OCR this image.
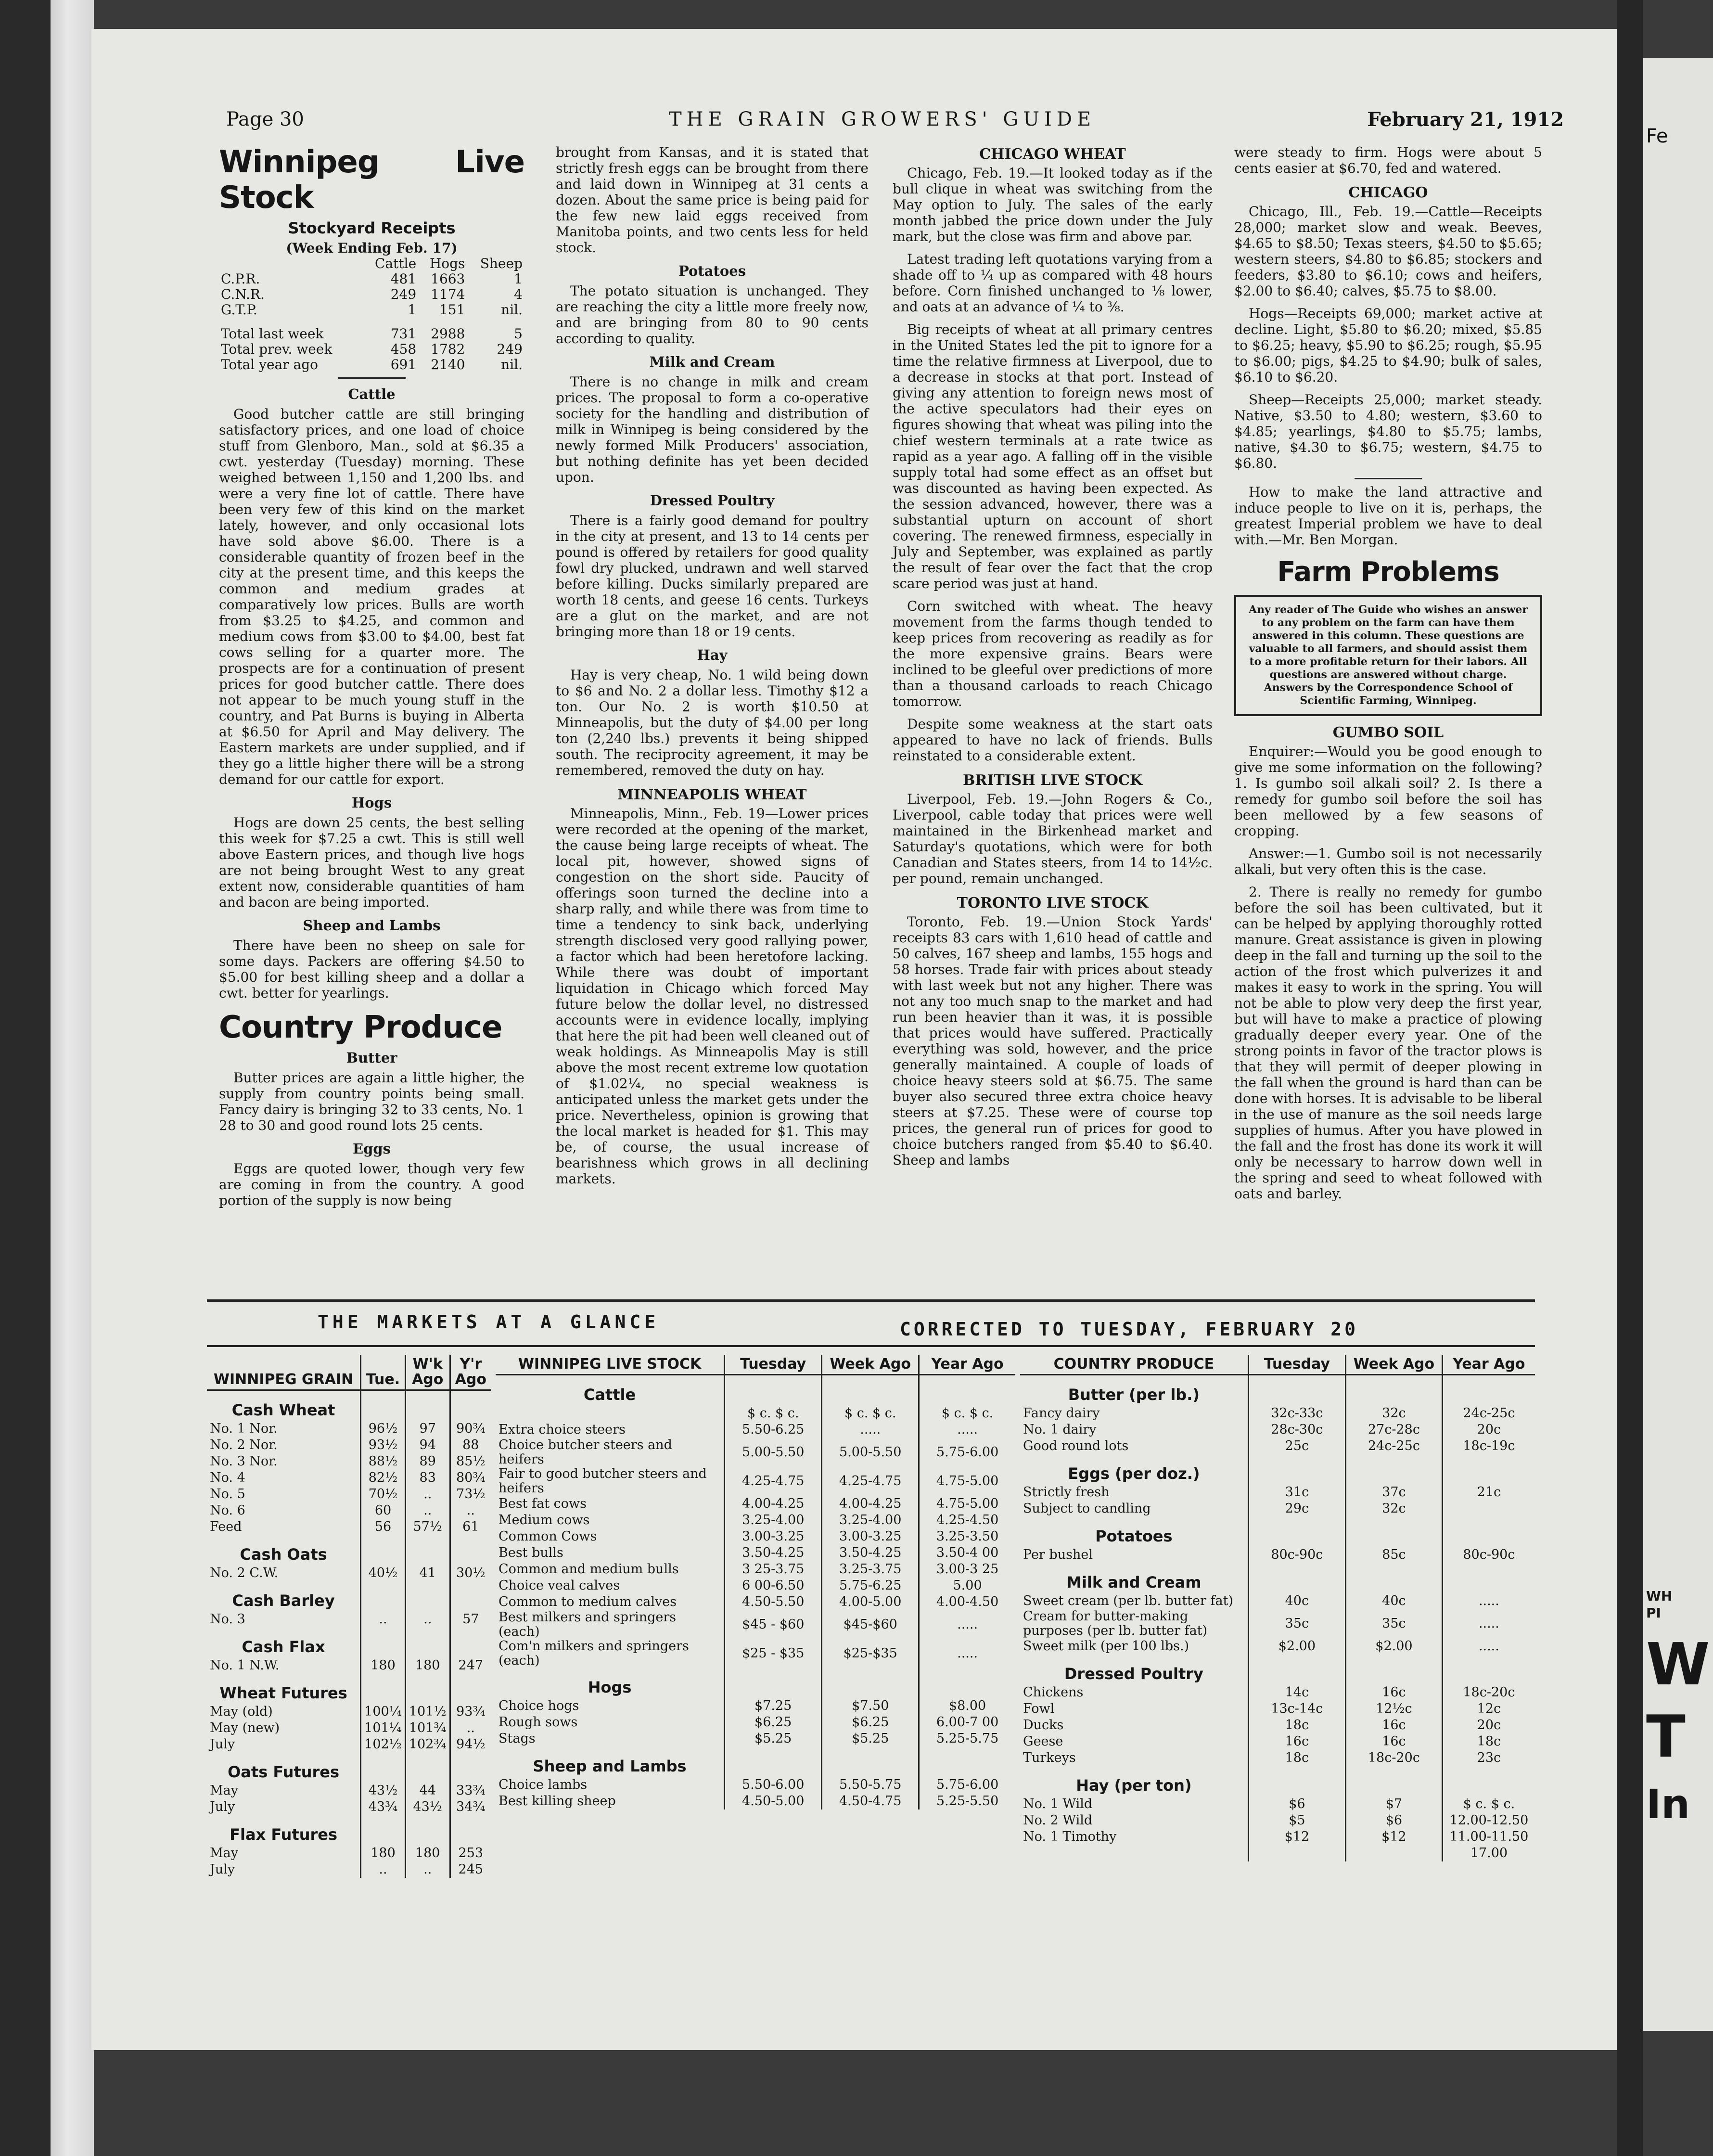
Page 30	THE GRAIN GROWERS' GUIDE	February 21, 1912
Winnipeg Live Stock
Stockyard Receipts
(Week Ending Feb. 17)
	Cattle	Hogs	Sheep
C.P.R.	481	1663	1
C.N.R.	249	1174	4
G.T.P.	1	151	nil.

Total last week	731	2988	5
Total prev. week	458	1782	249
Total year ago	691	2140	nil.
Cattle

Good butcher cattle are still bringing satisfactory prices, and one load of choice stuff from Glenboro, Man., sold at $6.35 a cwt. yesterday (Tuesday) morning. These weighed between 1,150 and 1,200 lbs. and were a very fine lot of cattle. There have been very few of this kind on the market lately, however, and only occasional lots have sold above $6.00. There is a considerable quantity of frozen beef in the city at the present time, and this keeps the common and medium grades at comparatively low prices. Bulls are worth from $3.25 to $4.25, and common and medium cows from $3.00 to $4.00, best fat cows selling for a quarter more. The prospects are for a continuation of present prices for good butcher cattle. There does not appear to be much young stuff in the country, and Pat Burns is buying in Alberta at $6.50 for April and May delivery. The Eastern markets are under supplied, and if they go a little higher there will be a strong demand for our cattle for export.

Hogs

Hogs are down 25 cents, the best selling this week for $7.25 a cwt. This is still well above Eastern prices, and though live hogs are not being brought West to any great extent now, considerable quantities of ham and bacon are being imported.

Sheep and Lambs

There have been no sheep on sale for some days. Packers are offering $4.50 to $5.00 for best killing sheep and a dollar a cwt. better for yearlings.

Country Produce
Butter

Butter prices are again a little higher, the supply from country points being small. Fancy dairy is bringing 32 to 33 cents, No. 1 28 to 30 and good round lots 25 cents.

Eggs

Eggs are quoted lower, though very few are coming in from the country. A good portion of the supply is now being

brought from Kansas, and it is stated that strictly fresh eggs can be brought from there and laid down in Winnipeg at 31 cents a dozen. About the same price is being paid for the few new laid eggs received from Manitoba points, and two cents less for held stock.

Potatoes

The potato situation is unchanged. They are reaching the city a little more freely now, and are bringing from 80 to 90 cents according to quality.

Milk and Cream

There is no change in milk and cream prices. The proposal to form a co-operative society for the handling and distribution of milk in Winnipeg is being considered by the newly formed Milk Producers' association, but nothing definite has yet been decided upon.

Dressed Poultry

There is a fairly good demand for poultry in the city at present, and 13 to 14 cents per pound is offered by retailers for good quality fowl dry plucked, undrawn and well starved before killing. Ducks similarly prepared are worth 18 cents, and geese 16 cents. Turkeys are a glut on the market, and are not bringing more than 18 or 19 cents.

Hay

Hay is very cheap, No. 1 wild being down to $6 and No. 2 a dollar less. Timothy $12 a ton. Our No. 2 is worth $10.50 at Minneapolis, but the duty of $4.00 per long ton (2,240 lbs.) prevents it being shipped south. The reciprocity agreement, it may be remembered, removed the duty on hay.

MINNEAPOLIS WHEAT

Minneapolis, Minn., Feb. 19—Lower prices were recorded at the opening of the market, the cause being large receipts of wheat. The local pit, however, showed signs of congestion on the short side. Paucity of offerings soon turned the decline into a sharp rally, and while there was from time to time a tendency to sink back, underlying strength disclosed very good rallying power, a factor which had been heretofore lacking. While there was doubt of important liquidation in Chicago which forced May future below the dollar level, no distressed accounts were in evidence locally, implying that here the pit had been well cleaned out of weak holdings. As Minneapolis May is still above the most recent extreme low quotation of $1.02¼, no special weakness is anticipated unless the market gets under the price. Nevertheless, opinion is growing that the local market is headed for $1. This may be, of course, the usual increase of bearishness which grows in all declining markets.

CHICAGO WHEAT

Chicago, Feb. 19.—It looked today as if the bull clique in wheat was switching from the May option to July. The sales of the early month jabbed the price down under the July mark, but the close was firm and above par.

Latest trading left quotations varying from a shade off to ¼ up as compared with 48 hours before. Corn finished unchanged to ⅛ lower, and oats at an advance of ¼ to ⅜.

Big receipts of wheat at all primary centres in the United States led the pit to ignore for a time the relative firmness at Liverpool, due to a decrease in stocks at that port. Instead of giving any attention to foreign news most of the active speculators had their eyes on figures showing that wheat was piling into the chief western terminals at a rate twice as rapid as a year ago. A falling off in the visible supply total had some effect as an offset but was discounted as having been expected. As the session advanced, however, there was a substantial upturn on account of short covering. The renewed firmness, especially in July and September, was explained as partly the result of fear over the fact that the crop scare period was just at hand.

Corn switched with wheat. The heavy movement from the farms though tended to keep prices from recovering as readily as for the more expensive grains. Bears were inclined to be gleeful over predictions of more than a thousand carloads to reach Chicago tomorrow.

Despite some weakness at the start oats appeared to have no lack of friends. Bulls reinstated to a considerable extent.

BRITISH LIVE STOCK

Liverpool, Feb. 19.—John Rogers & Co., Liverpool, cable today that prices were well maintained in the Birkenhead market and Saturday's quotations, which were for both Canadian and States steers, from 14 to 14½c. per pound, remain unchanged.

TORONTO LIVE STOCK

Toronto, Feb. 19.—Union Stock Yards' receipts 83 cars with 1,610 head of cattle and 50 calves, 167 sheep and lambs, 155 hogs and 58 horses. Trade fair with prices about steady with last week but not any higher. There was not any too much snap to the market and had run been heavier than it was, it is possible that prices would have suffered. Practically everything was sold, however, and the price generally maintained. A couple of loads of choice heavy steers sold at $6.75. The same buyer also secured three extra choice heavy steers at $7.25. These were of course top prices, the general run of prices for good to choice butchers ranged from $5.40 to $6.40. Sheep and lambs

were steady to firm. Hogs were about 5 cents easier at $6.70, fed and watered.

CHICAGO

Chicago, Ill., Feb. 19.—Cattle—Receipts 28,000; market slow and weak. Beeves, $4.65 to $8.50; Texas steers, $4.50 to $5.65; western steers, $4.80 to $6.85; stockers and feeders, $3.80 to $6.10; cows and heifers, $2.00 to $6.40; calves, $5.75 to $8.00.

Hogs—Receipts 69,000; market active at decline. Light, $5.80 to $6.20; mixed, $5.85 to $6.25; heavy, $5.90 to $6.25; rough, $5.95 to $6.00; pigs, $4.25 to $4.90; bulk of sales, $6.10 to $6.20.

Sheep—Receipts 25,000; market steady. Native, $3.50 to 4.80; western, $3.60 to $4.85; yearlings, $4.80 to $5.75; lambs, native, $4.30 to $6.75; western, $4.75 to $6.80.

How to make the land attractive and induce people to live on it is, perhaps, the greatest Imperial problem we have to deal with.—Mr. Ben Morgan.

Farm Problems
Any reader of The Guide who wishes an answer to any problem on the farm can have them answered in this column. These questions are valuable to all farmers, and should assist them to a more profitable return for their labors. All questions are answered without charge. Answers by the Correspondence School of Scientific Farming, Winnipeg.
GUMBO SOIL

Enquirer:—Would you be good enough to give me some information on the following? 1. Is gumbo soil alkali soil? 2. Is there a remedy for gumbo soil before the soil has been mellowed by a few seasons of cropping.

Answer:—1. Gumbo soil is not necessarily alkali, but very often this is the case.

2. There is really no remedy for gumbo before the soil has been cultivated, but it can be helped by applying thoroughly rotted manure. Great assistance is given in plowing deep in the fall and turning up the soil to the action of the frost which pulverizes it and makes it easy to work in the spring. You will not be able to plow very deep the first year, but will have to make a practice of plowing gradually deeper every year. One of the strong points in favor of the tractor plows is that they will permit of deeper plowing in the fall when the ground is hard than can be done with horses. It is advisable to be liberal in the use of manure as the soil needs large supplies of humus. After you have plowed in the fall and the frost has done its work it will only be necessary to harrow down well in the spring and seed to wheat followed with oats and barley.

THE MARKETS AT A GLANCE	CORRECTED TO TUESDAY, FEBRUARY 20
WINNIPEG GRAIN	Tue.	W'k Ago	Y'r Ago
Cash Wheat			
No. 1 Nor.	96½	97	90¾
No. 2 Nor.	93½	94	88
No. 3 Nor.	88½	89	85½
No. 4	82½	83	80¾
No. 5	70½	..	73½
No. 6	60	..	..
Feed	56	57½	61
Cash Oats			
No. 2 C.W.	40½	41	30½
Cash Barley			
No. 3	..	..	57
Cash Flax			
No. 1 N.W.	180	180	247
Wheat Futures			
May (old)	100¼	101½	93¾
May (new)	101¼	101¾	..
July	102½	102¾	94½
Oats Futures			
May	43½	44	33¾
July	43¾	43½	34¾
Flax Futures			
May	180	180	253
July	..	..	245
WINNIPEG LIVE STOCK	Tuesday	Week Ago	Year Ago
Cattle			
	$ c. $ c.	$ c. $ c.	$ c. $ c.
Extra choice steers	5.50-6.25	.....	.....
Choice butcher steers and heifers	5.00-5.50	5.00-5.50	5.75-6.00
Fair to good butcher steers and heifers	4.25-4.75	4.25-4.75	4.75-5.00
Best fat cows	4.00-4.25	4.00-4.25	4.75-5.00
Medium cows	3.25-4.00	3.25-4.00	4.25-4.50
Common Cows	3.00-3.25	3.00-3.25	3.25-3.50
Best bulls	3.50-4.25	3.50-4.25	3.50-4 00
Common and medium bulls	3 25-3.75	3.25-3.75	3.00-3 25
Choice veal calves	6 00-6.50	5.75-6.25	5.00
Common to medium calves	4.50-5.50	4.00-5.00	4.00-4.50
Best milkers and springers (each)	$45 - $60	$45-$60	.....
Com'n milkers and springers (each)	$25 - $35	$25-$35	.....
Hogs			
Choice hogs	$7.25	$7.50	$8.00
Rough sows	$6.25	$6.25	6.00-7 00
Stags	$5.25	$5.25	5.25-5.75
Sheep and Lambs			
Choice lambs	5.50-6.00	5.50-5.75	5.75-6.00
Best killing sheep	4.50-5.00	4.50-4.75	5.25-5.50
COUNTRY PRODUCE	Tuesday	Week Ago	Year Ago
Butter (per lb.)			
Fancy dairy	32c-33c	32c	24c-25c
No. 1 dairy	28c-30c	27c-28c	20c
Good round lots	25c	24c-25c	18c-19c
Eggs (per doz.)			
Strictly fresh	31c	37c	21c
Subject to candling	29c	32c	
Potatoes			
Per bushel	80c-90c	85c	80c-90c
Milk and Cream			
Sweet cream (per lb. butter fat)	40c	40c	.....
Cream for butter-making purposes (per lb. butter fat)	35c	35c	.....
Sweet milk (per 100 lbs.)	$2.00	$2.00	.....
Dressed Poultry			
Chickens	14c	16c	18c-20c
Fowl	13c-14c	12½c	12c
Ducks	18c	16c	20c
Geese	16c	16c	18c
Turkeys	18c	18c-20c	23c
Hay (per ton)			
No. 1 Wild	$6	$7	$ c. $ c.
No. 2 Wild	$5	$6	12.00-12.50
No. 1 Timothy	$12	$12	11.00-11.50
			17.00
Fe
WH
PI
W
T
In
